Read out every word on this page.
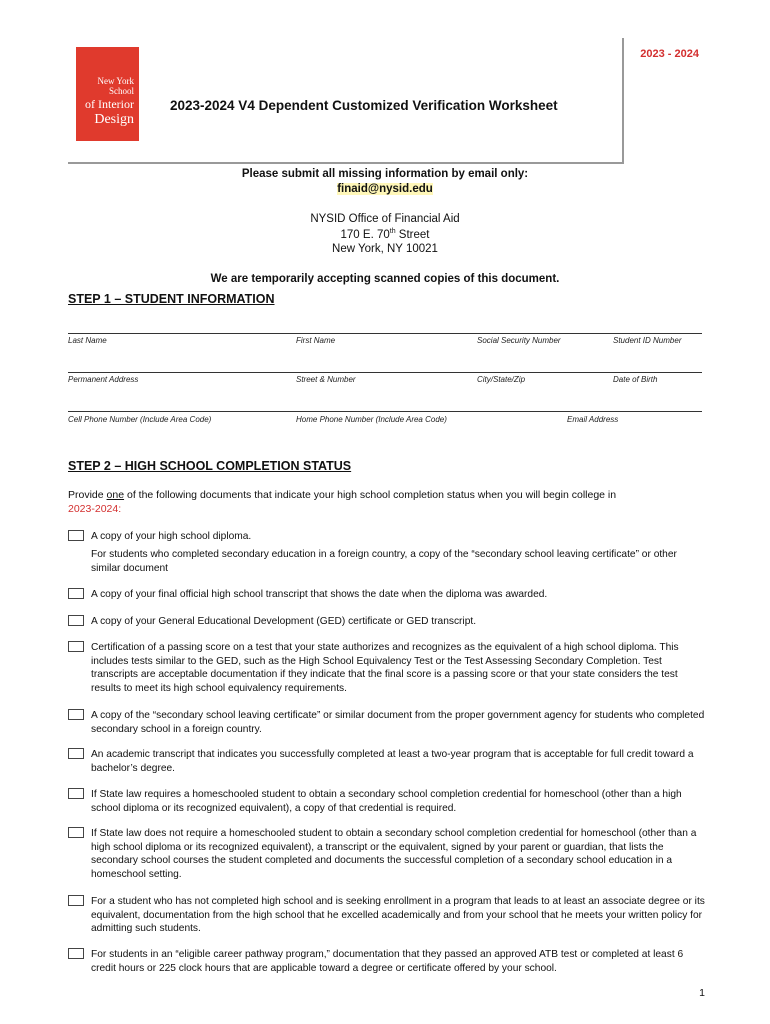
New York
School
of Interior
Design
2023 - 2024
2023-2024 V4 Dependent Customized Verification Worksheet
Please submit all missing information by email only:
finaid@nysid.edu
NYSID Office of Financial Aid
170 E. 70th Street
New York, NY 10021
We are temporarily accepting scanned copies of this document.
STEP 1 – STUDENT INFORMATION
Last Name	First Name	Social Security Number	Student ID Number
Permanent Address	Street & Number	City/State/Zip	Date of Birth
Cell Phone Number (Include Area Code)	Home Phone Number (Include Area Code)	Email Address
STEP 2 – HIGH SCHOOL COMPLETION STATUS
Provide one of the following documents that indicate your high school completion status when you will begin college in
2023-2024:
A copy of your high school diploma.
For students who completed secondary education in a foreign country, a copy of the “secondary school leaving certificate” or other similar document
A copy of your final official high school transcript that shows the date when the diploma was awarded.
A copy of your General Educational Development (GED) certificate or GED transcript.
Certification of a passing score on a test that your state authorizes and recognizes as the equivalent of a high school diploma. This includes tests similar to the GED, such as the High School Equivalency Test or the Test Assessing Secondary Completion. Test transcripts are acceptable documentation if they indicate that the final score is a passing score or that your state considers the test results to meet its high school equivalency requirements.
A copy of the “secondary school leaving certificate” or similar document from the proper government agency for students who completed secondary school in a foreign country.
An academic transcript that indicates you successfully completed at least a two-year program that is acceptable for full credit toward a bachelor’s degree.
If State law requires a homeschooled student to obtain a secondary school completion credential for homeschool (other than a high school diploma or its recognized equivalent), a copy of that credential is required.
If State law does not require a homeschooled student to obtain a secondary school completion credential for homeschool (other than a high school diploma or its recognized equivalent), a transcript or the equivalent, signed by your parent or guardian, that lists the secondary school courses the student completed and documents the successful completion of a secondary school education in a homeschool setting.
For a student who has not completed high school and is seeking enrollment in a program that leads to at least an associate degree or its equivalent, documentation from the high school that he excelled academically and from your school that he meets your written policy for admitting such students.
For students in an “eligible career pathway program,” documentation that they passed an approved ATB test or completed at least 6 credit hours or 225 clock hours that are applicable toward a degree or certificate offered by your school.
1
